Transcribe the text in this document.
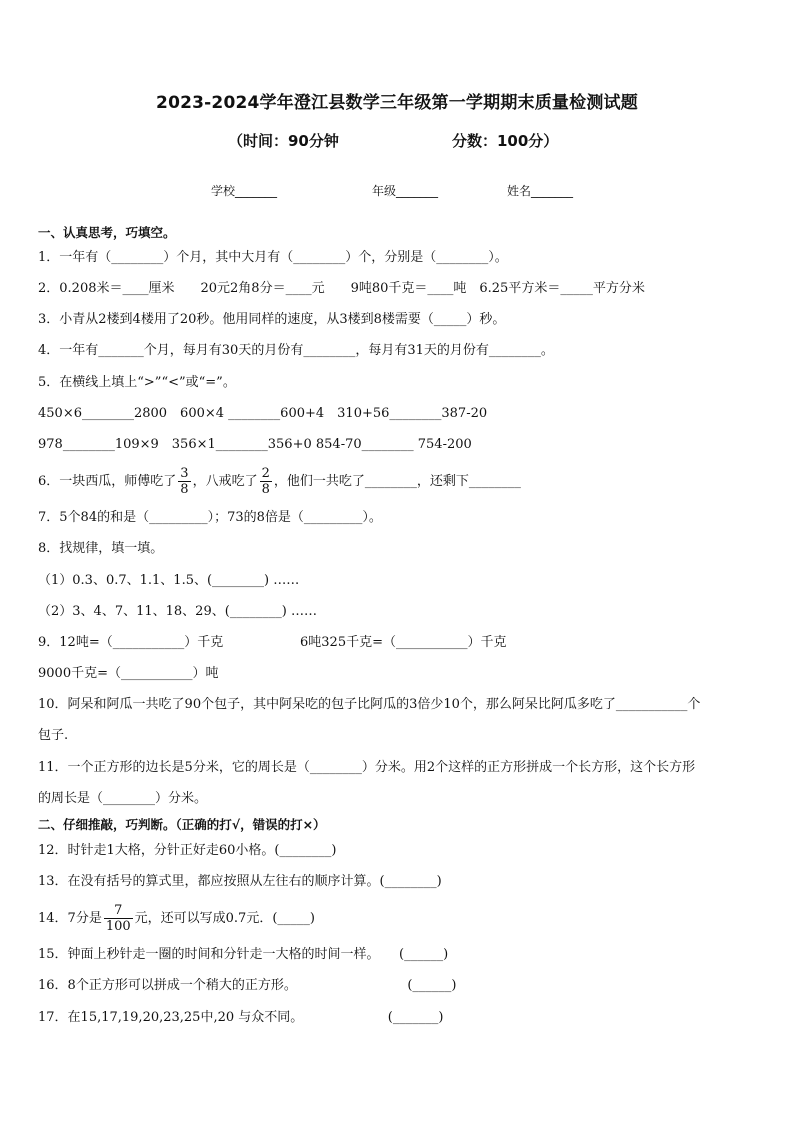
2023-2024学年澄江县数学三年级第一学期期末质量检测试题
（时间：90分钟	分数：100分）
学校_______	年级_______	姓名_______
一、认真思考，巧填空。
1．一年有（________）个月，其中大月有（________）个，分别是（________）。
2．0.208米＝____厘米　　20元2角8分＝____元　　9吨80千克＝____吨　6.25平方米＝_____平方分米
3．小青从2楼到4楼用了20秒。他用同样的速度，从3楼到8楼需要（_____）秒。
4．一年有_______个月，每月有30天的月份有________，每月有31天的月份有________。
5．在横线上填上“>”“<”或“=”。
450×6________2800　600×4 ________600+4　310+56________387-20
978________109×9　356×1________356+0 854-70________ 754-200
6．一块西瓜，师傅吃了 $\frac{3}{8}$ ，八戒吃了 $\frac{2}{8}$ ，他们一共吃了________，还剩下________
7．5个84的和是（_________）；73的8倍是（_________）。
8．找规律，填一填。
（1）0.3、0.7、1.1、1.5、(________) ……
（2）3、4、7、11、18、29、(________) ……
9．12吨=（___________）千克	6吨325千克=（___________）千克
9000千克=（___________）吨
10．阿呆和阿瓜一共吃了90个包子，其中阿呆吃的包子比阿瓜的3倍少10个，那么阿呆比阿瓜多吃了___________个
包子.
11．一个正方形的边长是5分米，它的周长是（________）分米。用2个这样的正方形拼成一个长方形，这个长方形
的周长是（________）分米。
二、仔细推敲，巧判断。（正确的打√，错误的打×）
12．时针走1大格，分针正好走60小格。(________)
13．在没有括号的算式里，都应按照从左往右的顺序计算。(________)
14．7分是 $\frac{7}{100}$ 元，还可以写成0.7元．(_____)
15．钟面上秒针走一圈的时间和分针走一大格的时间一样。　　(______)
16．8个正方形可以拼成一个稍大的正方形。　　　　　　　　　(______)
17．在15,17,19,20,23,25中,20 与众不同。　　　　　　　(_______)
